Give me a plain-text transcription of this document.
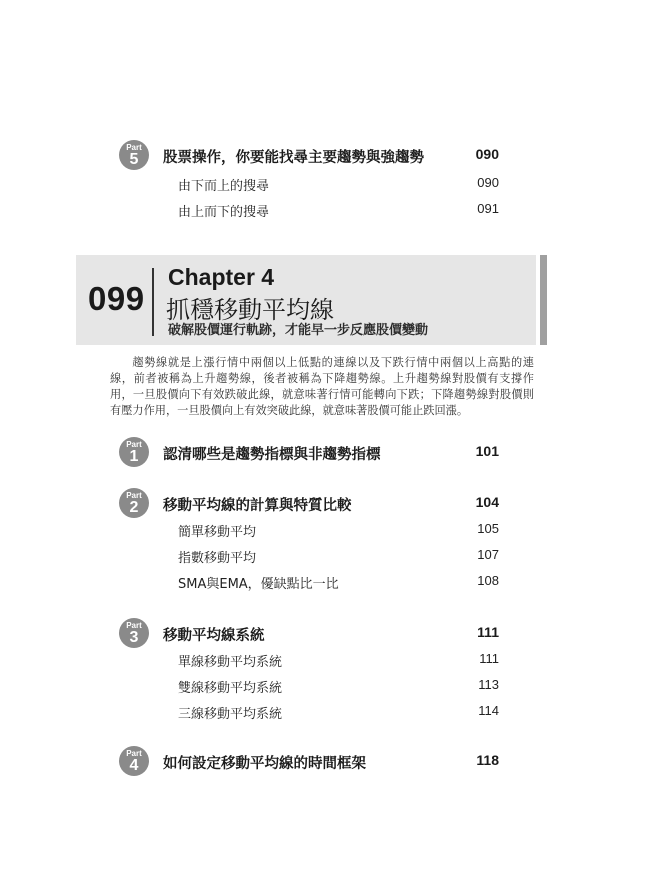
Part
5	股票操作，你要能找尋主要趨勢與強趨勢	090
由下而上的搜尋	090
由上而下的搜尋	091
099
Chapter 4
抓穩移動平均線
破解股價運行軌跡，才能早一步反應股價變動

趨勢線就是上漲行情中兩個以上低點的連線以及下跌行情中兩個以上高點的連線，前者被稱為上升趨勢線，後者被稱為下降趨勢線。上升趨勢線對股價有支撐作用，一旦股價向下有效跌破此線，就意味著行情可能轉向下跌；下降趨勢線對股價則有壓力作用，一旦股價向上有效突破此線，就意味著股價可能止跌回漲。

Part
1	認清哪些是趨勢指標與非趨勢指標	101
Part
2	移動平均線的計算與特質比較	104
簡單移動平均	105
指數移動平均	107
SMA與EMA，優缺點比一比	108
Part
3	移動平均線系統	111
單線移動平均系統	111
雙線移動平均系統	113
三線移動平均系統	114
Part
4	如何設定移動平均線的時間框架	118
